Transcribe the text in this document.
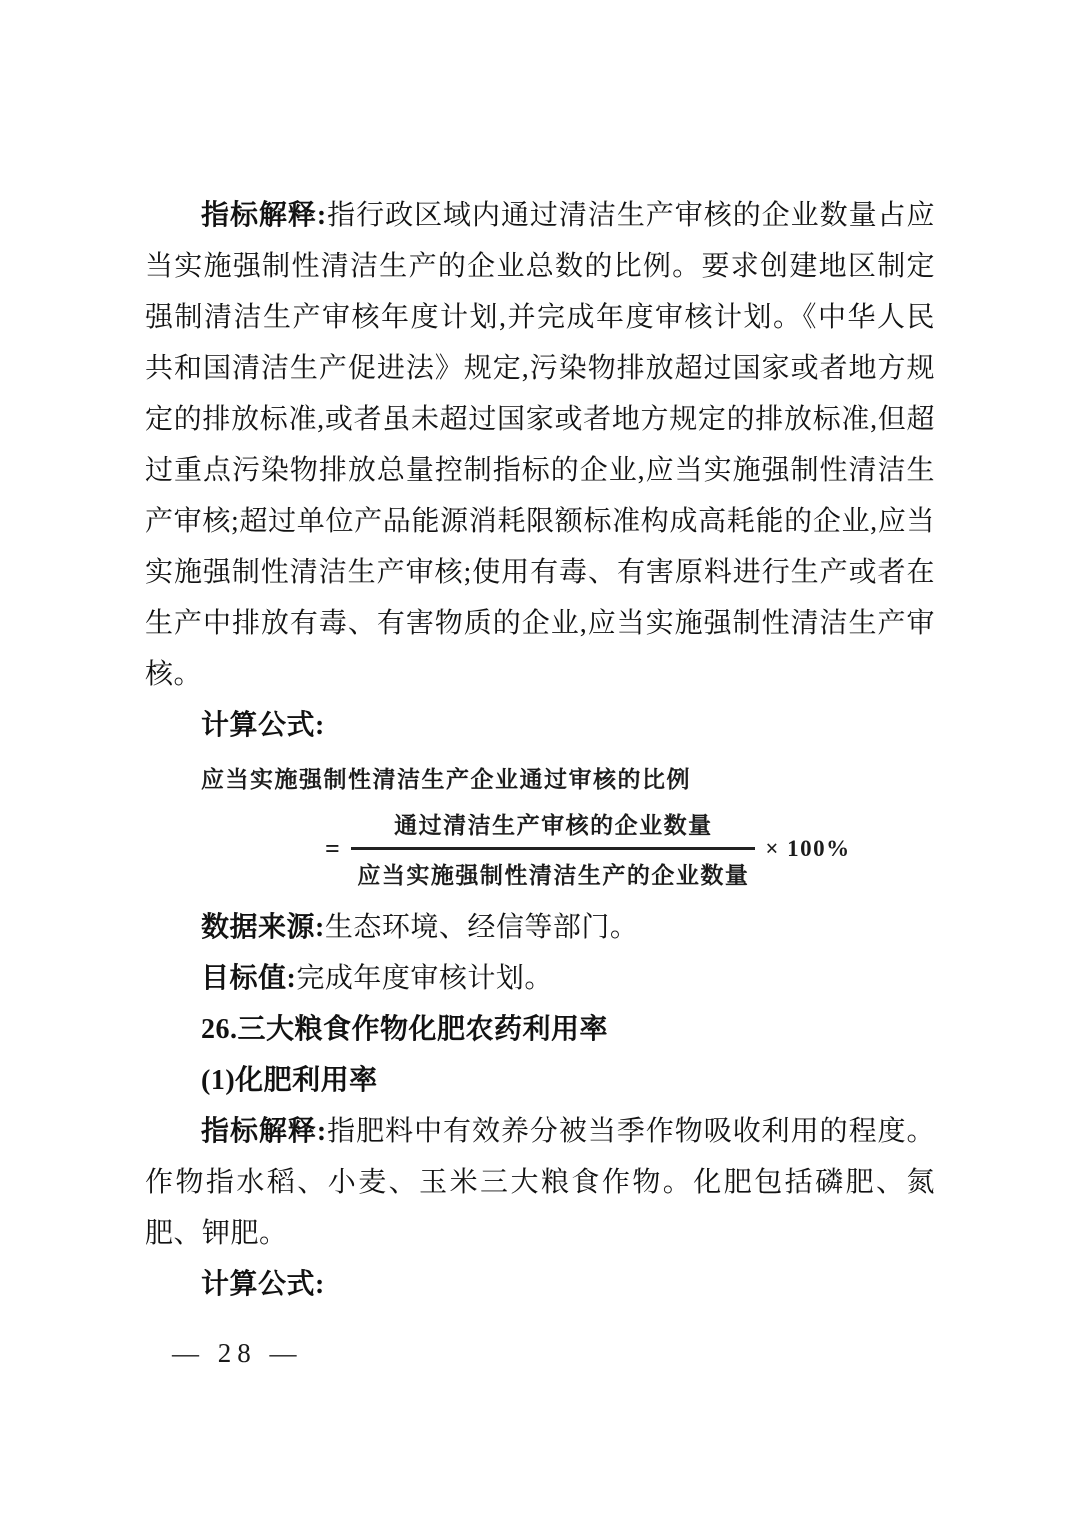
指标解释:指行政区域内通过清洁生产审核的企业数量占应当实施强制性清洁生产的企业总数的比例。要求创建地区制定强制清洁生产审核年度计划,并完成年度审核计划。《中华人民共和国清洁生产促进法》规定,污染物排放超过国家或者地方规定的排放标准,或者虽未超过国家或者地方规定的排放标准,但超过重点污染物排放总量控制指标的企业,应当实施强制性清洁生产审核;超过单位产品能源消耗限额标准构成高耗能的企业,应当实施强制性清洁生产审核;使用有毒、有害原料进行生产或者在生产中排放有毒、有害物质的企业,应当实施强制性清洁生产审核。

计算公式:

应当实施强制性清洁生产企业通过审核的比例

= $\frac{\text{通过清洁生产审核的企业数量}}{\text{应当实施强制性清洁生产的企业数量}} \times 100\%$

数据来源:生态环境、经信等部门。

目标值:完成年度审核计划。

26.三大粮食作物化肥农药利用率

(1)化肥利用率

指标解释:指肥料中有效养分被当季作物吸收利用的程度。作物指水稻、小麦、玉米三大粮食作物。化肥包括磷肥、氮肥、钾肥。

计算公式:

— 28 —
